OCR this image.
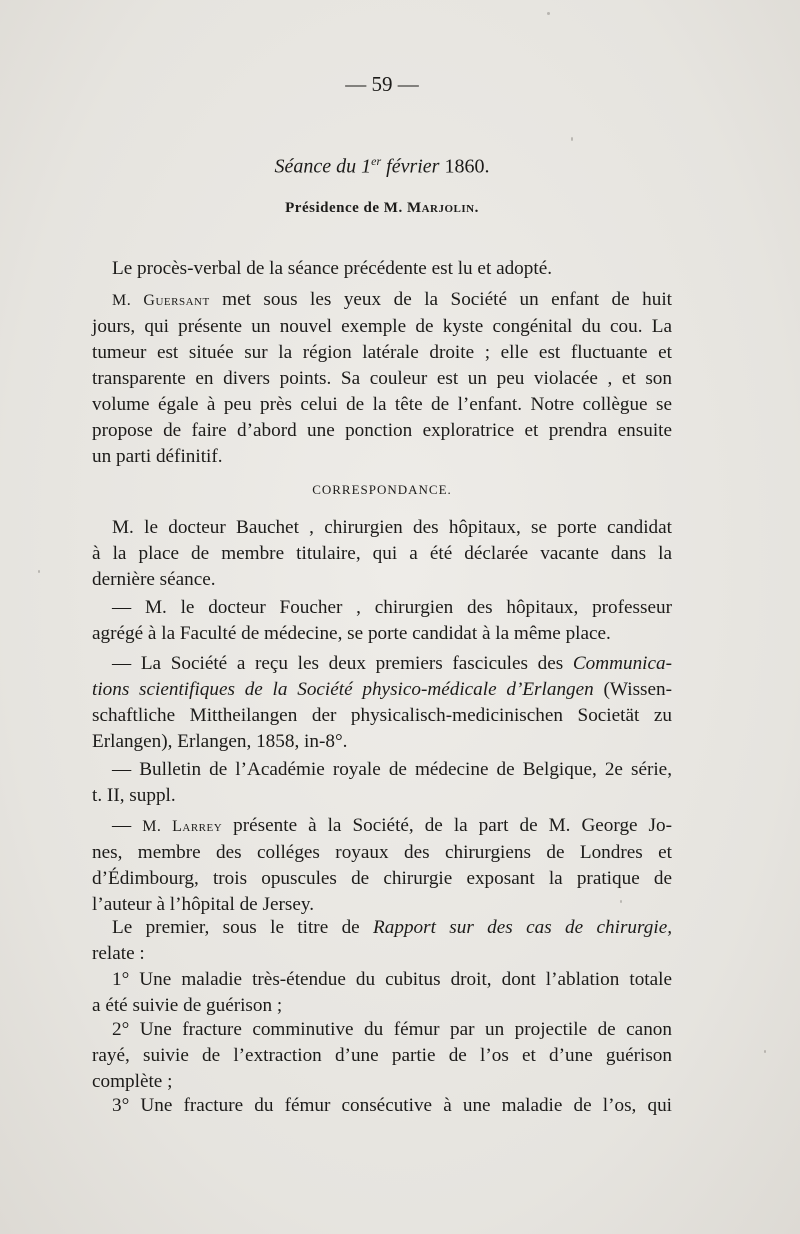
— 59 —
Séance du 1er février 1860.
Présidence de M. Marjolin.
Le procès-verbal de la séance précédente est lu et adopté.
M. Guersant met sous les yeux de la Société un enfant de huit
jours, qui présente un nouvel exemple de kyste congénital du cou. La
tumeur est située sur la région latérale droite ; elle est fluctuante et
transparente en divers points. Sa couleur est un peu violacée , et son
volume égale à peu près celui de la tête de l’enfant. Notre collègue se
propose de faire d’abord une ponction exploratrice et prendra ensuite
un parti définitif.
CORRESPONDANCE.
M. le docteur Bauchet , chirurgien des hôpitaux, se porte candidat
à la place de membre titulaire, qui a été déclarée vacante dans la
dernière séance.
— M. le docteur Foucher , chirurgien des hôpitaux, professeur
agrégé à la Faculté de médecine, se porte candidat à la même place.
— La Société a reçu les deux premiers fascicules des Communica-
tions scientifiques de la Société physico-médicale d’Erlangen (Wissen-
schaftliche Mittheilangen der physicalisch-medicinischen Societät zu
Erlangen), Erlangen, 1858, in-8°.
— Bulletin de l’Académie royale de médecine de Belgique, 2e série,
t. II, suppl.
— M. Larrey présente à la Société, de la part de M. George Jo-
nes, membre des colléges royaux des chirurgiens de Londres et
d’Édimbourg, trois opuscules de chirurgie exposant la pratique de
l’auteur à l’hôpital de Jersey.
Le premier, sous le titre de Rapport sur des cas de chirurgie,
relate :
1° Une maladie très-étendue du cubitus droit, dont l’ablation totale
a été suivie de guérison ;
2° Une fracture comminutive du fémur par un projectile de canon
rayé, suivie de l’extraction d’une partie de l’os et d’une guérison
complète ;
3° Une fracture du fémur consécutive à une maladie de l’os, qui
